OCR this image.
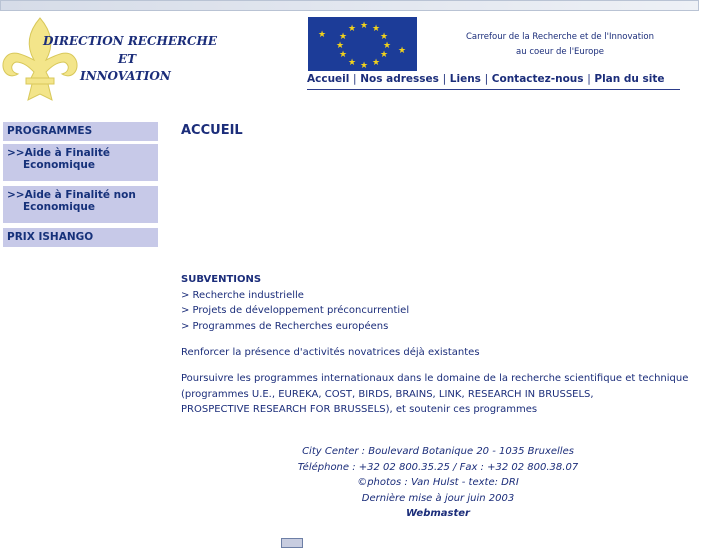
DIRECTION RECHERCHE
ET
INNOVATION
★ ★
★
★
★
★
★
★
★
★
★
★
★
★
Carrefour de la Recherche et de l'Innovation
au coeur de l'Europe
Accueil | Nos adresses | Liens | Contactez-nous | Plan du site
PROGRAMMES
>>Aide à Finalité
Economique
>>Aide à Finalité non
Economique
PRIX ISHANGO
ACCUEIL
SUBVENTIONS
> Recherche industrielle
> Projets de développement préconcurrentiel
> Programmes de Recherches européens
Renforcer la présence d'activités novatrices déjà existantes
Poursuivre les programmes internationaux dans le domaine de la recherche scientifique et technique
(programmes U.E., EUREKA, COST, BIRDS, BRAINS, LINK, RESEARCH IN BRUSSELS,
PROSPECTIVE RESEARCH FOR BRUSSELS), et soutenir ces programmes
City Center : Boulevard Botanique 20 - 1035 Bruxelles
Téléphone : +32 02 800.35.25 / Fax : +32 02 800.38.07
©photos : Van Hulst - texte: DRI
Dernière mise à jour juin 2003
Webmaster
